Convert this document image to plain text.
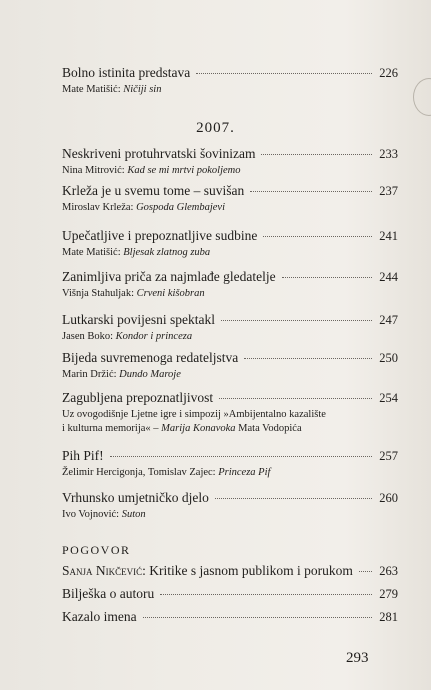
Bolno istinita predstava	226
Mate Matišić: Ničiji sin
2007.
Neskriveni protuhrvatski šovinizam	233
Nina Mitrović: Kad se mi mrtvi pokoljemo
Krleža je u svemu tome – suvišan	237
Miroslav Krleža: Gospoda Glembajevi
Upečatljive i prepoznatljive sudbine	241
Mate Matišić: Bljesak zlatnog zuba
Zanimljiva priča za najmlađe gledatelje	244
Višnja Stahuljak: Crveni kišobran
Lutkarski povijesni spektakl	247
Jasen Boko: Kondor i princeza
Bijeda suvremenoga redateljstva	250
Marin Držić: Dundo Maroje
Zagubljena prepoznatljivost	254
Uz ovogodišnje Ljetne igre i simpozij »Ambijentalno kazalište
i kulturna memorija« – Marija Konavoka Mata Vodopića
Pih Pif!	257
Želimir Hercigonja, Tomislav Zajec: Princeza Pif
Vrhunsko umjetničko djelo	260
Ivo Vojnović: Suton
POGOVOR
Sanja Nikčević: Kritike s jasnom publikom i porukom 263
Bilješka o autoru	279
Kazalo imena	281
293
